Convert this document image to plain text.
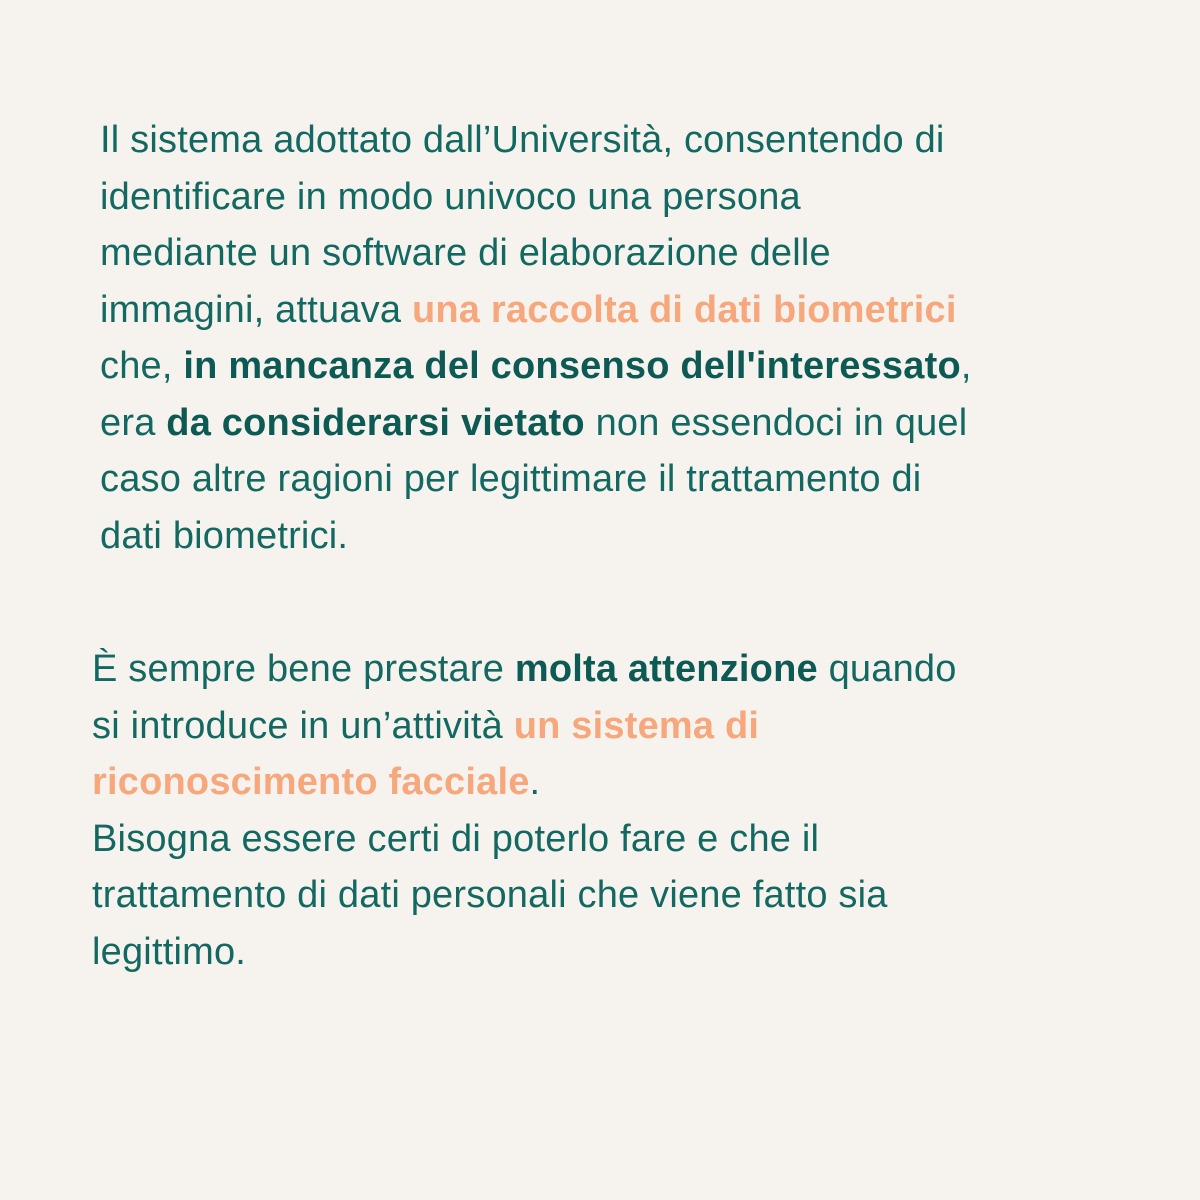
Il sistema adottato dall’Università, consentendo di
identificare in modo univoco una persona
mediante un software di elaborazione delle
immagini, attuava una raccolta di dati biometrici
che, in mancanza del consenso dell'interessato,
era da considerarsi vietato non essendoci in quel
caso altre ragioni per legittimare il trattamento di
dati biometrici.

È sempre bene prestare molta attenzione quando
si introduce in un’attività un sistema di
riconoscimento facciale.
Bisogna essere certi di poterlo fare e che il
trattamento di dati personali che viene fatto sia
legittimo.
